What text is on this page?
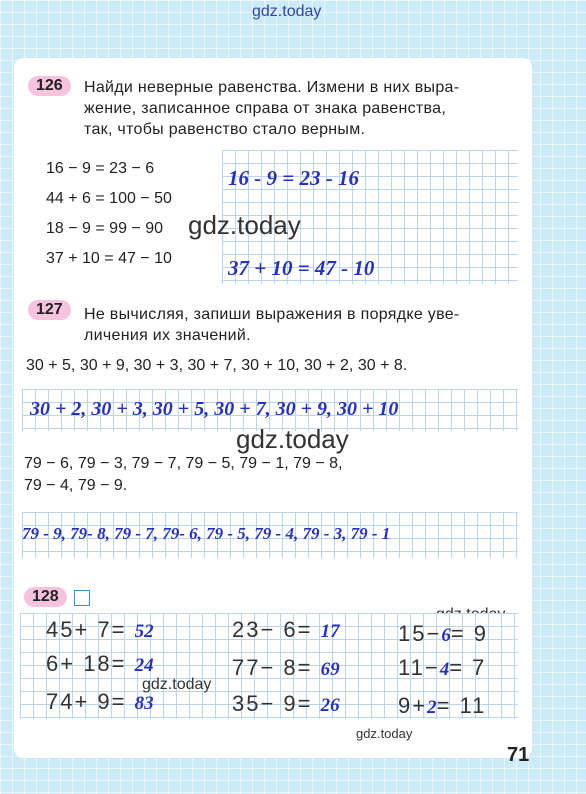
gdz.today
126	Найди неверные равенства. Измени в них выра-
жение, записанное справа от знака равенства,
так, чтобы равенство стало верным.
16 − 9 = 23 − 6
44 + 6 = 100 − 50
18 − 9 = 99 − 90
37 + 10 = 47 − 10
16 - 9 = 23 - 16
37 + 10 = 47 - 10
gdz.today
127	Не вычисляя, запиши выражения в порядке уве-
личения их значений.
30 + 5, 30 + 9, 30 + 3, 30 + 7, 30 + 10, 30 + 2, 30 + 8.
30 + 2, 30 + 3, 30 + 5, 30 + 7, 30 + 9, 30 + 10
gdz.today
79 − 6, 79 − 3, 79 − 7, 79 − 5, 79 − 1, 79 − 8,
79 − 4, 79 − 9.
79 - 9, 79- 8, 79 - 7, 79- 6, 79 - 5, 79 - 4, 79 - 3, 79 - 1
128
45+ 7= 52	23− 6= 17	15−6= 9
6+ 18= 24	77− 8= 69	11−4= 7
74+ 9= 83	35− 9= 26	9+2= 11
gdz.today
gdz.today
71
